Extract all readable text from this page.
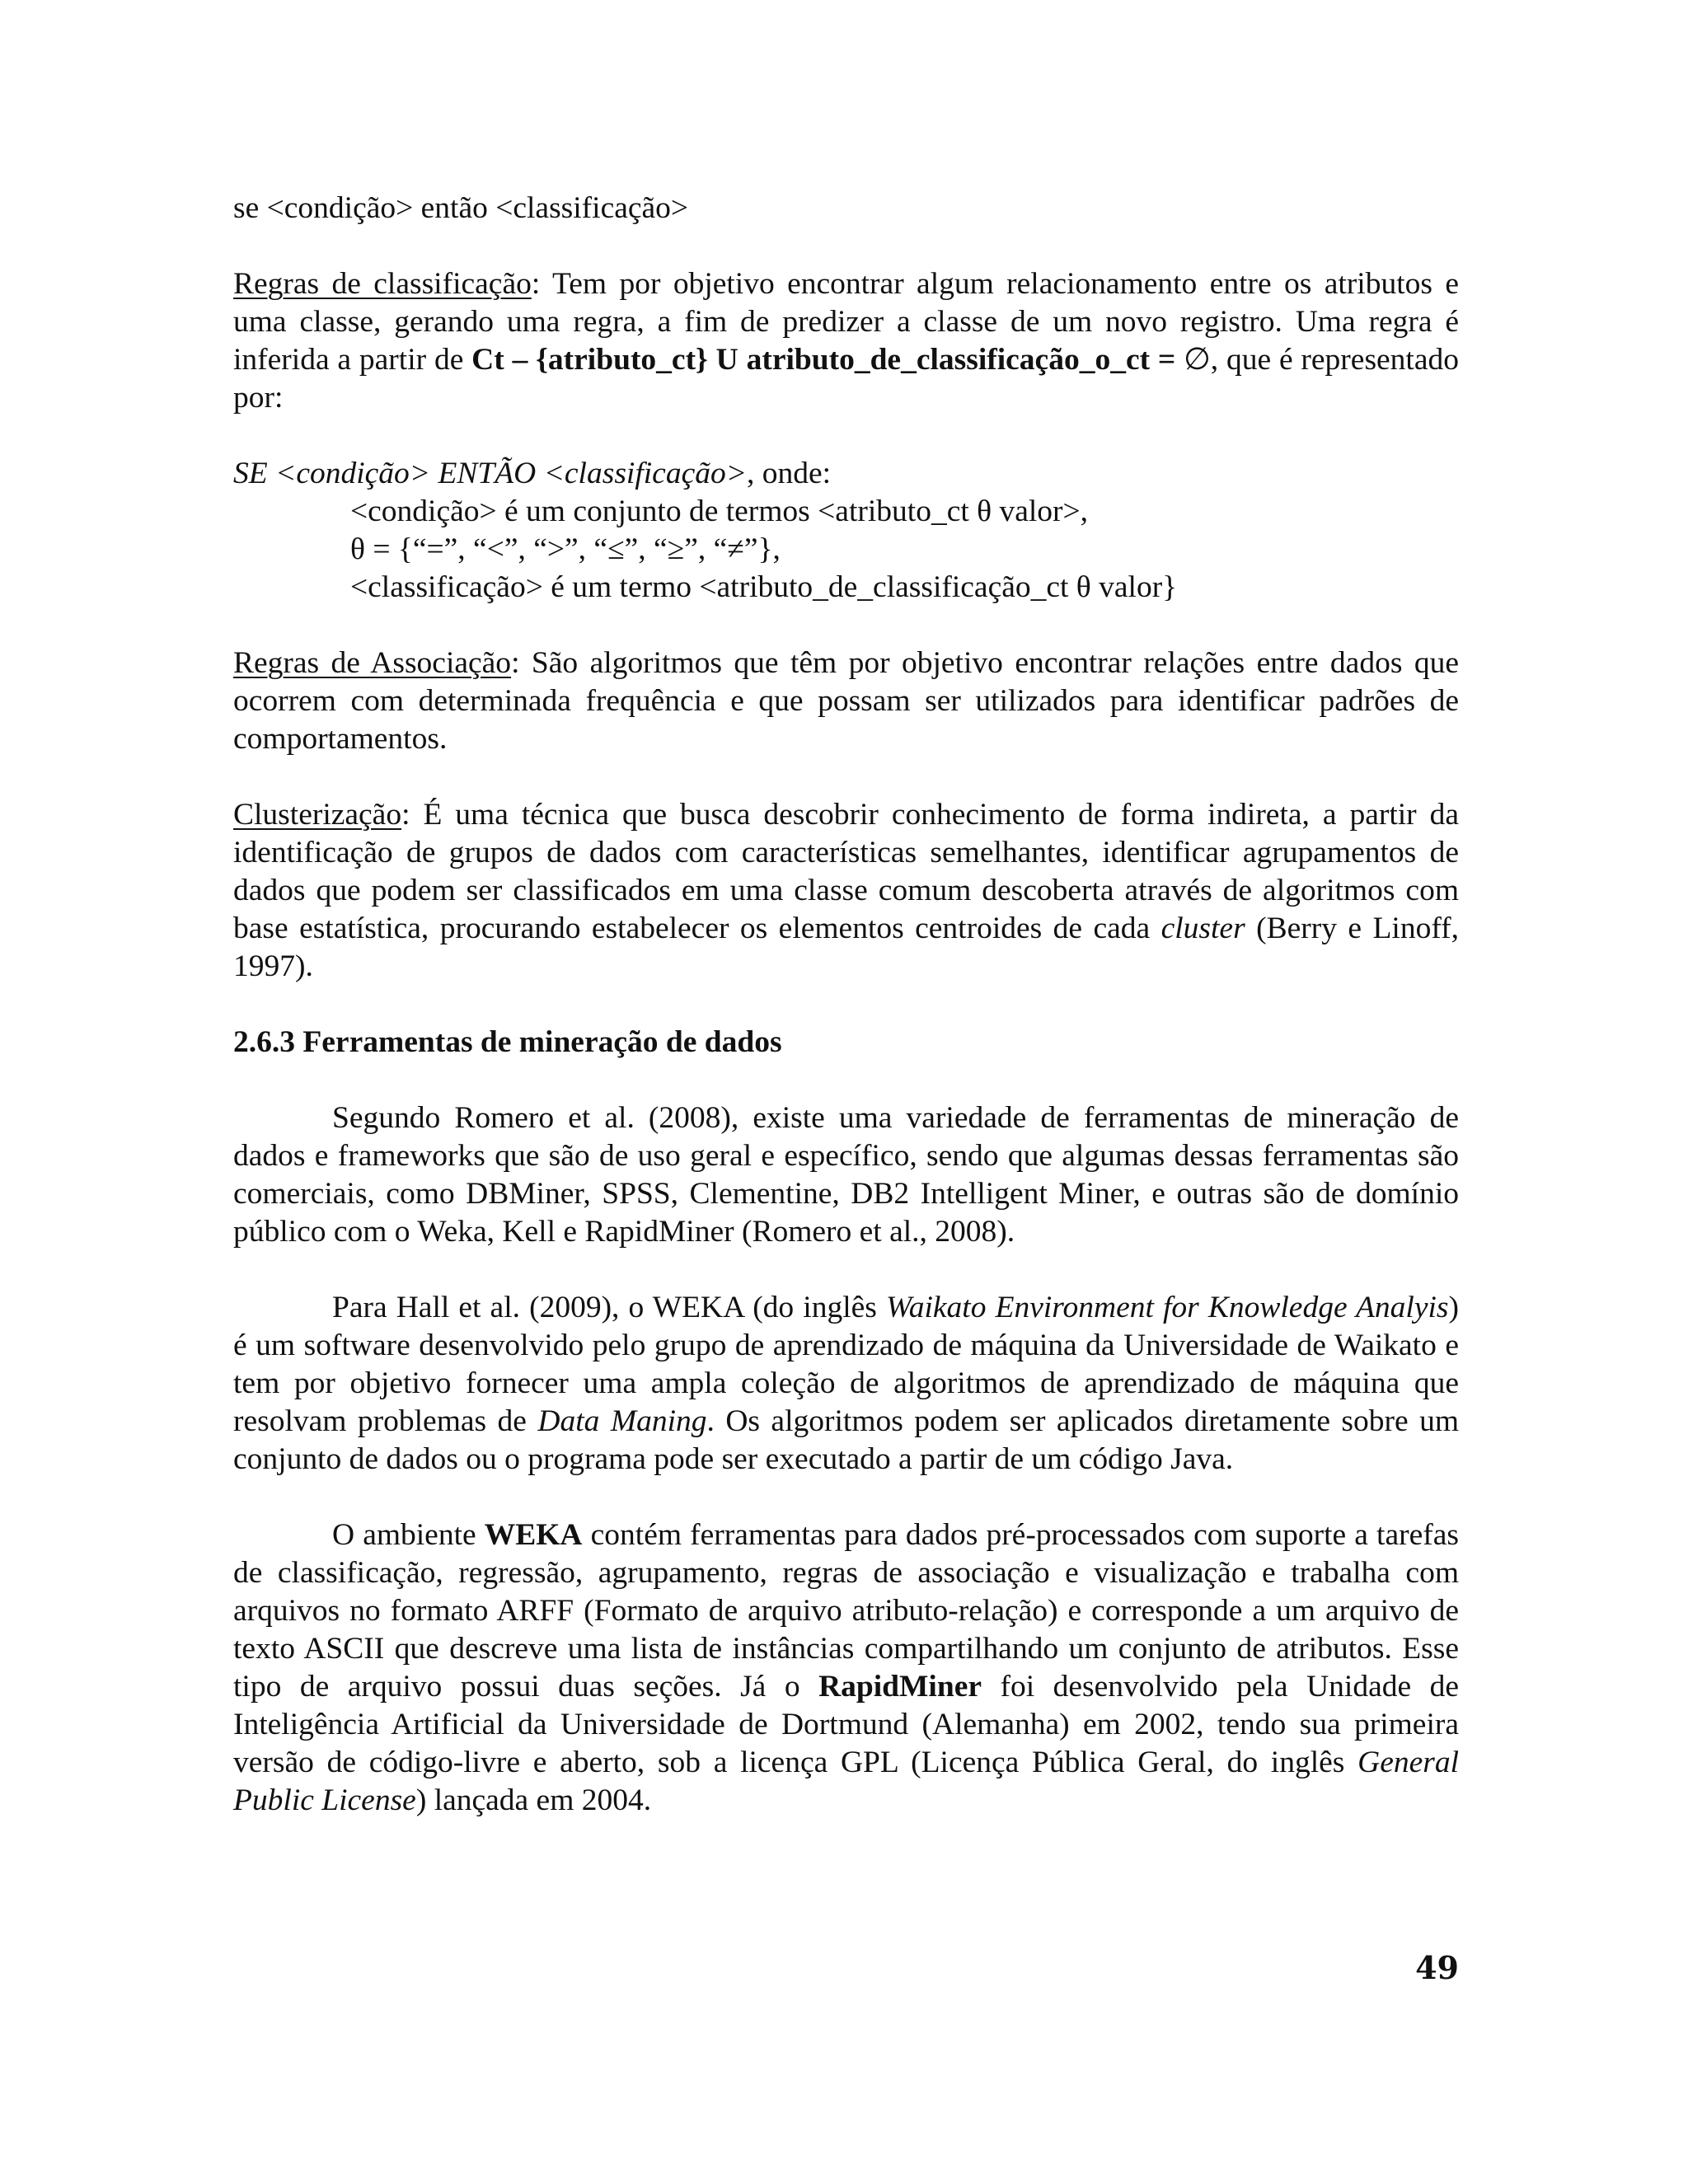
se <condição> então <classificação>

Regras de classificação: Tem por objetivo encontrar algum relacionamento entre os atributos e uma classe, gerando uma regra, a fim de predizer a classe de um novo registro. Uma regra é inferida a partir de Ct – {atributo_ct} U atributo_de_classificação_o_ct = ∅, que é representado por:

SE <condição> ENTÃO <classificação>, onde:

<condição> é um conjunto de termos <atributo_ct θ valor>,

θ = {“=”, “<”, “>”, “≤”, “≥”, “≠”},

<classificação> é um termo <atributo_de_classificação_ct θ valor}

Regras de Associação: São algoritmos que têm por objetivo encontrar relações entre dados que ocorrem com determinada frequência e que possam ser utilizados para identificar padrões de comportamentos.

Clusterização: É uma técnica que busca descobrir conhecimento de forma indireta, a partir da identificação de grupos de dados com características semelhantes, identificar agrupamentos de dados que podem ser classificados em uma classe comum descoberta através de algoritmos com base estatística, procurando estabelecer os elementos centroides de cada cluster (Berry e Linoff, 1997).

2.6.3 Ferramentas de mineração de dados

Segundo Romero et al. (2008), existe uma variedade de ferramentas de mineração de dados e frameworks que são de uso geral e específico, sendo que algumas dessas ferramentas são comerciais, como DBMiner, SPSS, Clementine, DB2 Intelligent Miner, e outras são de domínio público com o Weka, Kell e RapidMiner (Romero et al., 2008).

Para Hall et al. (2009), o WEKA (do inglês Waikato Environment for Knowledge Analyis) é um software desenvolvido pelo grupo de aprendizado de máquina da Universidade de Waikato e tem por objetivo fornecer uma ampla coleção de algoritmos de aprendizado de máquina que resolvam problemas de Data Maning. Os algoritmos podem ser aplicados diretamente sobre um conjunto de dados ou o programa pode ser executado a partir de um código Java.

O ambiente WEKA contém ferramentas para dados pré-processados com suporte a tarefas de classificação, regressão, agrupamento, regras de associação e visualização e trabalha com arquivos no formato ARFF (Formato de arquivo atributo-relação) e corresponde a um arquivo de texto ASCII que descreve uma lista de instâncias compartilhando um conjunto de atributos. Esse tipo de arquivo possui duas seções. Já o RapidMiner foi desenvolvido pela Unidade de Inteligência Artificial da Universidade de Dortmund (Alemanha) em 2002, tendo sua primeira versão de código-livre e aberto, sob a licença GPL (Licença Pública Geral, do inglês General Public License) lançada em 2004.

49
